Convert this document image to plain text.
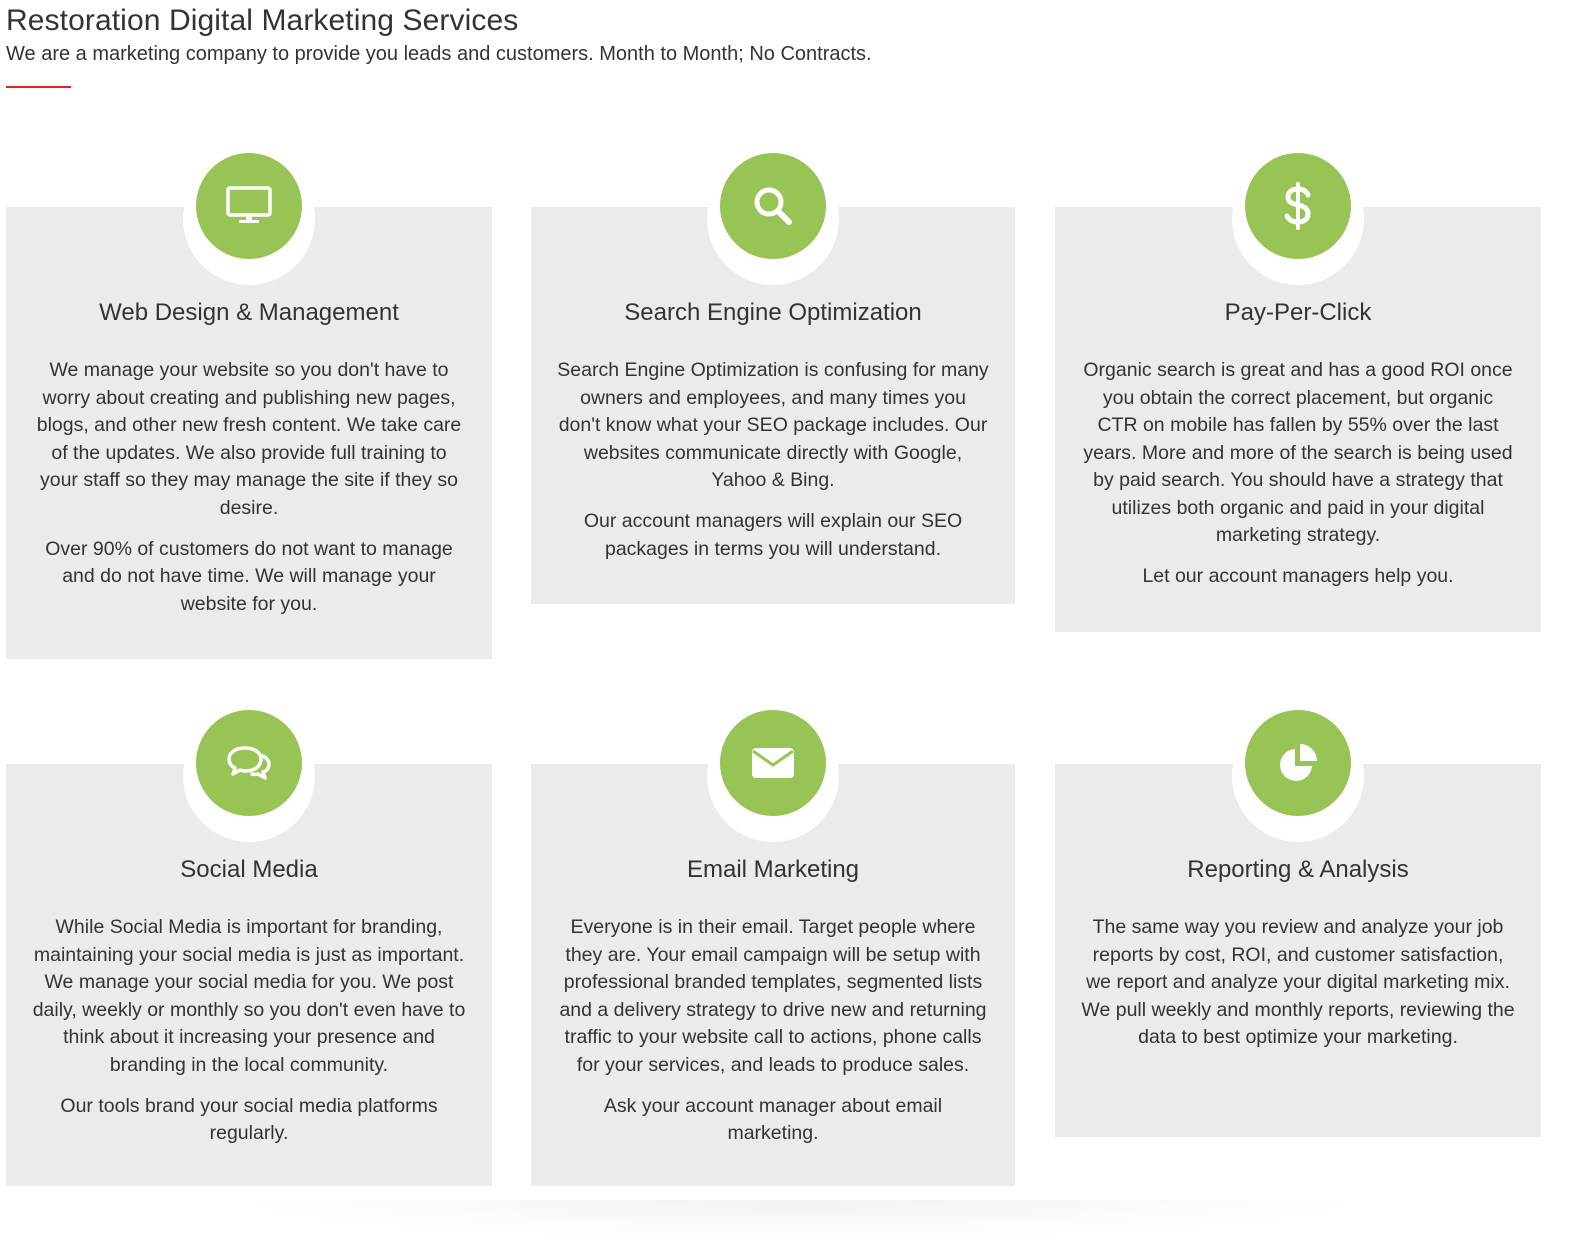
Restoration Digital Marketing Services

We are a marketing company to provide you leads and customers. Month to Month; No Contracts.

Web Design & Management

We manage your website so you don't have to worry about creating and publishing new pages, blogs, and other new fresh content. We take care of the updates. We also provide full training to your staff so they may manage the site if they so desire.

Over 90% of customers do not want to manage and do not have time. We will manage your website for you.

Search Engine Optimization

Search Engine Optimization is confusing for many owners and employees, and many times you don't know what your SEO package includes. Our websites communicate directly with Google, Yahoo & Bing.

Our account managers will explain our SEO packages in terms you will understand.

Pay-Per-Click

Organic search is great and has a good ROI once you obtain the correct placement, but organic CTR on mobile has fallen by 55% over the last years. More and more of the search is being used by paid search. You should have a strategy that utilizes both organic and paid in your digital marketing strategy.

Let our account managers help you.

Social Media

While Social Media is important for branding, maintaining your social media is just as important. We manage your social media for you. We post daily, weekly or monthly so you don't even have to think about it increasing your presence and branding in the local community.

Our tools brand your social media platforms regularly.

Email Marketing

Everyone is in their email. Target people where they are. Your email campaign will be setup with professional branded templates, segmented lists and a delivery strategy to drive new and returning traffic to your website call to actions, phone calls for your services, and leads to produce sales.

Ask your account manager about email marketing.

Reporting & Analysis

The same way you review and analyze your job reports by cost, ROI, and customer satisfaction, we report and analyze your digital marketing mix. We pull weekly and monthly reports, reviewing the data to best optimize your marketing.
